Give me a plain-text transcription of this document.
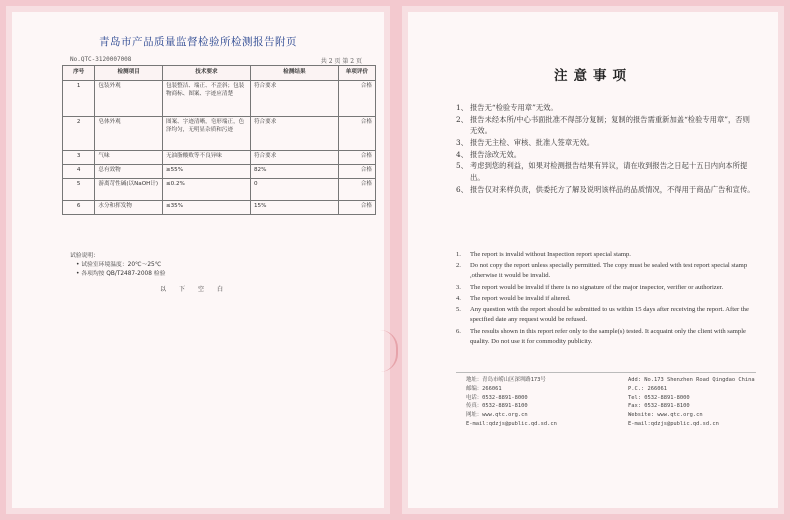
青岛市产品质量监督检验所检测报告附页
No.QTC-3120007008	共 2 页 第 2 页
序号	检测项目	技术要求	检测结果	单项评价
1	包装外观	包装整洁、端正、不歪斜；包装物商标、图案、字迹应清楚	符合要求	合格
2	皂体外观	图案、字迹清晰，皂形端正，色泽均匀，无明显杂质和污迹	符合要求	合格
3	气味	无油脂酸败等不良异味	符合要求	合格
4	总有效物	≥55%	82%	合格
5	游离苛性碱(以NaOH计)	≤0.2%	0	合格
6	水分和挥发物	≤35%	15%	合格
试验说明：
• 试验室环境温度：20℃～25℃
• 各项均按 QB/T2487-2008 检验
以下空白
注意事项
1、 报告无“检验专用章”无效。
2、 报告未经本所/中心书面批准不得部分复制；复制的报告需重新加盖“检验专用章”，否则无效。
3、 报告无主检、审核、批准人签章无效。
4、 报告涂改无效。
5、 考虑到您的利益，如果对检测报告结果有异议，请在收到报告之日起十五日内向本所提出。
6、 报告仅对来样负责，供委托方了解及说明该样品的品质情况，不得用于商品广告和宣传。
1.	The report is invalid without Inspection report special stamp.
2.	Do not copy the report unless specially permitted. The copy must be sealed with test report special stamp ,otherwise it would be invalid.
3.	The report would be invalid if there is no signature of the major inspector, verifier or authorizer.
4.	The report would be invalid if altered.
5.	Any question with the report should be submitted to us within 15 days after receiving the report. After the specified date any request would be refused.
6.	The results shown in this report refer only to the sample(s) tested. It acquaint only the client with sample quality. Do not use it for commodity publicity.
地址：青岛市崂山区深圳路173号
邮编：266061
电话：0532-8891-8000
传真：0532-8891-8100
网址：www.qtc.org.cn
E-mail:qdzjs@public.qd.sd.cn
Add: No.173 Shenzhen Road Qingdao China
P.C.: 266061
Tel: 0532-8891-8000
Fax: 0532-8891-8100
Website: www.qtc.org.cn
E-mail:qdzjs@public.qd.sd.cn
